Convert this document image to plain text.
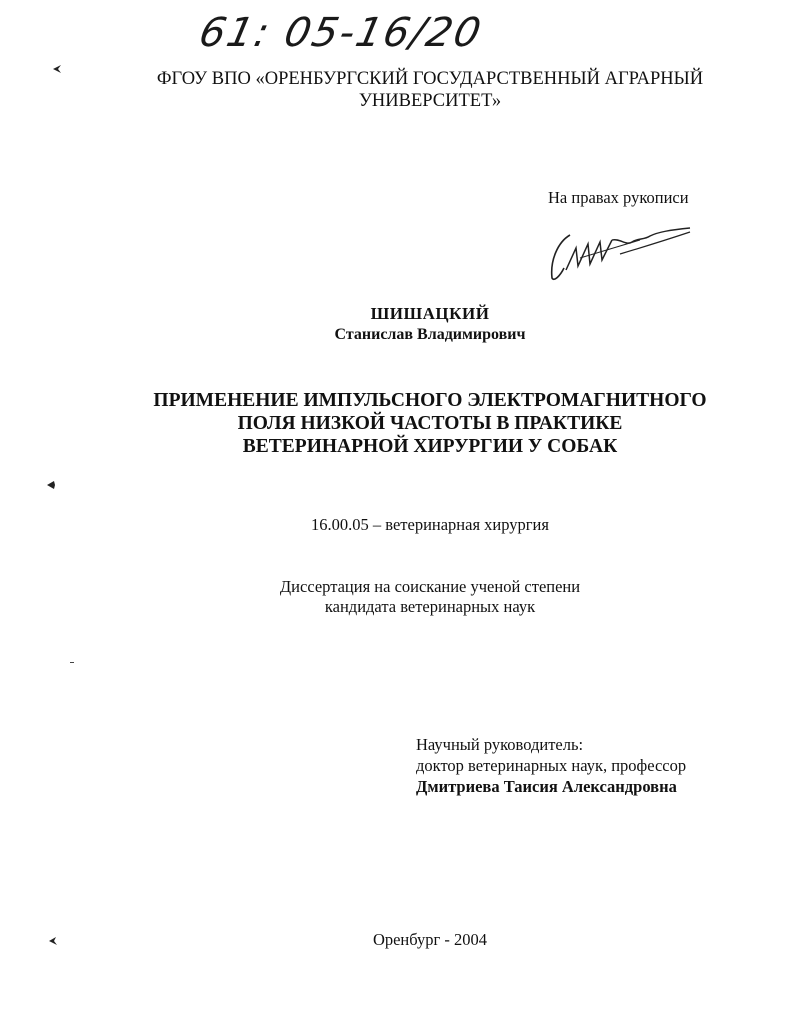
61: 05-16/20
ФГОУ ВПО «ОРЕНБУРГСКИЙ ГОСУДАРСТВЕННЫЙ АГРАРНЫЙ
УНИВЕРСИТЕТ»
На правах рукописи
ШИШАЦКИЙ
Станислав Владимирович
ПРИМЕНЕНИЕ ИМПУЛЬСНОГО ЭЛЕКТРОМАГНИТНОГО
ПОЛЯ НИЗКОЙ ЧАСТОТЫ В ПРАКТИКЕ
ВЕТЕРИНАРНОЙ ХИРУРГИИ У СОБАК
16.00.05 – ветеринарная хирургия
Диссертация на соискание ученой степени
кандидата ветеринарных наук
Научный руководитель:
доктор ветеринарных наук, профессор
Дмитриева Таисия Александровна
Оренбург - 2004
